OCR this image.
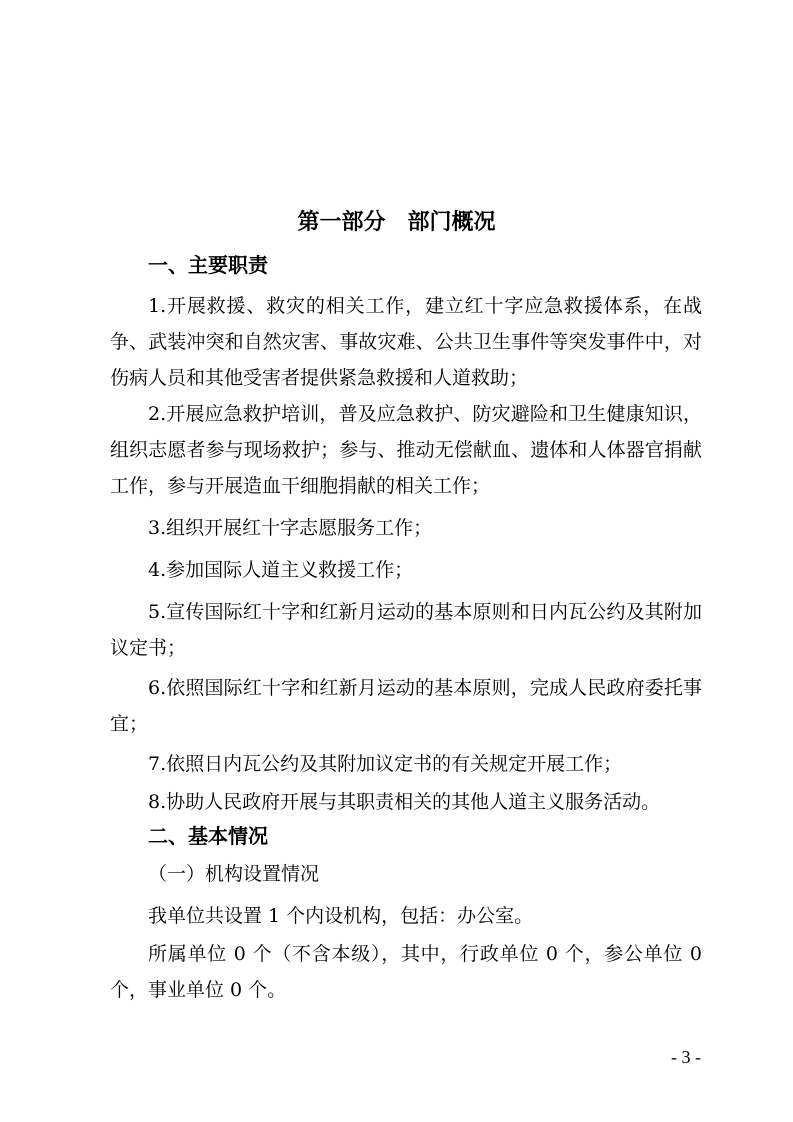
第一部分　部门概况
一、主要职责

1.开展救援、救灾的相关工作，建立红十字应急救援体系，在战争、武装冲突和自然灾害、事故灾难、公共卫生事件等突发事件中，对伤病人员和其他受害者提供紧急救援和人道救助；

2.开展应急救护培训，普及应急救护、防灾避险和卫生健康知识，组织志愿者参与现场救护；参与、推动无偿献血、遗体和人体器官捐献工作，参与开展造血干细胞捐献的相关工作；

3.组织开展红十字志愿服务工作；

4.参加国际人道主义救援工作；

5.宣传国际红十字和红新月运动的基本原则和日内瓦公约及其附加议定书；

6.依照国际红十字和红新月运动的基本原则，完成人民政府委托事宜；

7.依照日内瓦公约及其附加议定书的有关规定开展工作；

8.协助人民政府开展与其职责相关的其他人道主义服务活动。

二、基本情况
（一）机构设置情况

我单位共设置 1 个内设机构，包括：办公室。

所属单位 0 个（不含本级），其中，行政单位 0 个，参公单位 0 个，事业单位 0 个。

- 3 -
